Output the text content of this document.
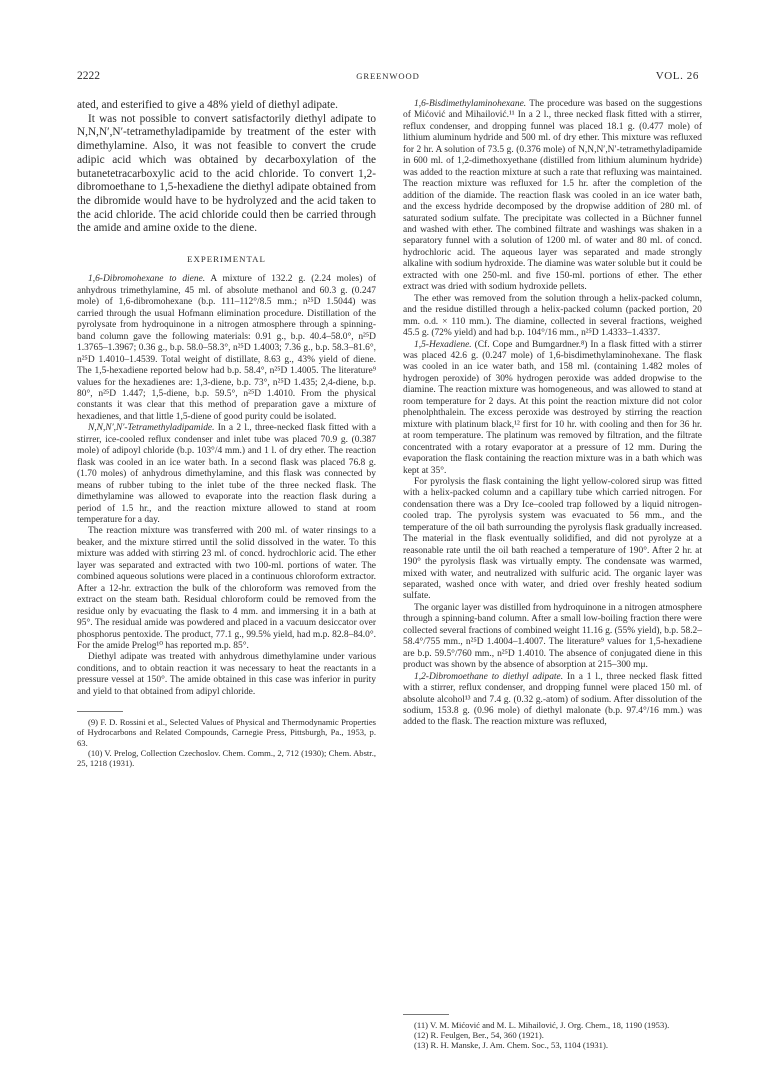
2222	GREENWOOD	VOL. 26

ated, and esterified to give a 48% yield of diethyl adipate.

It was not possible to convert satisfactorily diethyl adipate to N,N,N′,N′-tetramethyladipamide by treatment of the ester with dimethylamine. Also, it was not feasible to convert the crude adipic acid which was obtained by decarboxylation of the butanetetracarboxylic acid to the acid chloride. To convert 1,2-dibromoethane to 1,5-hexadiene the diethyl adipate obtained from the dibromide would have to be hydrolyzed and the acid taken to the acid chloride. The acid chloride could then be carried through the amide and amine oxide to the diene.

EXPERIMENTAL

1,6-Dibromohexane to diene. A mixture of 132.2 g. (2.24 moles) of anhydrous trimethylamine, 45 ml. of absolute methanol and 60.3 g. (0.247 mole) of 1,6-dibromohexane (b.p. 111–112°/8.5 mm.; n²⁵D 1.5044) was carried through the usual Hofmann elimination procedure. Distillation of the pyrolysate from hydroquinone in a nitrogen atmosphere through a spinning-band column gave the following materials: 0.91 g., b.p. 40.4–58.0°, n²⁵D 1.3765–1.3967; 0.36 g., b.p. 58.0–58.3°, n²⁵D 1.4003; 7.36 g., b.p. 58.3–81.6°, n²⁵D 1.4010–1.4539. Total weight of distillate, 8.63 g., 43% yield of diene. The 1,5-hexadiene reported below had b.p. 58.4°, n²⁵D 1.4005. The literature⁹ values for the hexadienes are: 1,3-diene, b.p. 73°, n²⁵D 1.435; 2,4-diene, b.p. 80°, n²⁵D 1.447; 1,5-diene, b.p. 59.5°, n²⁵D 1.4010. From the physical constants it was clear that this method of preparation gave a mixture of hexadienes, and that little 1,5-diene of good purity could be isolated.

N,N,N′,N′-Tetramethyladipamide. In a 2 l., three-necked flask fitted with a stirrer, ice-cooled reflux condenser and inlet tube was placed 70.9 g. (0.387 mole) of adipoyl chloride (b.p. 103°/4 mm.) and 1 l. of dry ether. The reaction flask was cooled in an ice water bath. In a second flask was placed 76.8 g. (1.70 moles) of anhydrous dimethylamine, and this flask was connected by means of rubber tubing to the inlet tube of the three necked flask. The dimethylamine was allowed to evaporate into the reaction flask during a period of 1.5 hr., and the reaction mixture allowed to stand at room temperature for a day.

The reaction mixture was transferred with 200 ml. of water rinsings to a beaker, and the mixture stirred until the solid dissolved in the water. To this mixture was added with stirring 23 ml. of concd. hydrochloric acid. The ether layer was separated and extracted with two 100-ml. portions of water. The combined aqueous solutions were placed in a continuous chloroform extractor. After a 12-hr. extraction the bulk of the chloroform was removed from the extract on the steam bath. Residual chloroform could be removed from the residue only by evacuating the flask to 4 mm. and immersing it in a bath at 95°. The residual amide was powdered and placed in a vacuum desiccator over phosphorus pentoxide. The product, 77.1 g., 99.5% yield, had m.p. 82.8–84.0°. For the amide Prelog¹⁰ has reported m.p. 85°.

Diethyl adipate was treated with anhydrous dimethylamine under various conditions, and to obtain reaction it was necessary to heat the reactants in a pressure vessel at 150°. The amide obtained in this case was inferior in purity and yield to that obtained from adipyl chloride.

(9) F. D. Rossini et al., Selected Values of Physical and Thermodynamic Properties of Hydrocarbons and Related Compounds, Carnegie Press, Pittsburgh, Pa., 1953, p. 63.

(10) V. Prelog, Collection Czechoslov. Chem. Comm., 2, 712 (1930); Chem. Abstr., 25, 1218 (1931).

1,6-Bisdimethylaminohexane. The procedure was based on the suggestions of Mićović and Mihailović.¹¹ In a 2 l., three necked flask fitted with a stirrer, reflux condenser, and dropping funnel was placed 18.1 g. (0.477 mole) of lithium aluminum hydride and 500 ml. of dry ether. This mixture was refluxed for 2 hr. A solution of 73.5 g. (0.376 mole) of N,N,N′,N′-tetramethyladipamide in 600 ml. of 1,2-dimethoxyethane (distilled from lithium aluminum hydride) was added to the reaction mixture at such a rate that refluxing was maintained. The reaction mixture was refluxed for 1.5 hr. after the completion of the addition of the diamide. The reaction flask was cooled in an ice water bath, and the excess hydride decomposed by the dropwise addition of 280 ml. of saturated sodium sulfate. The precipitate was collected in a Büchner funnel and washed with ether. The combined filtrate and washings was shaken in a separatory funnel with a solution of 1200 ml. of water and 80 ml. of concd. hydrochloric acid. The aqueous layer was separated and made strongly alkaline with sodium hydroxide. The diamine was water soluble but it could be extracted with one 250-ml. and five 150-ml. portions of ether. The ether extract was dried with sodium hydroxide pellets.

The ether was removed from the solution through a helix-packed column, and the residue distilled through a helix-packed column (packed portion, 20 mm. o.d. × 110 mm.). The diamine, collected in several fractions, weighed 45.5 g. (72% yield) and had b.p. 104°/16 mm., n²⁵D 1.4333–1.4337.

1,5-Hexadiene. (Cf. Cope and Bumgardner.⁸) In a flask fitted with a stirrer was placed 42.6 g. (0.247 mole) of 1,6-bisdimethylaminohexane. The flask was cooled in an ice water bath, and 158 ml. (containing 1.482 moles of hydrogen peroxide) of 30% hydrogen peroxide was added dropwise to the diamine. The reaction mixture was homogeneous, and was allowed to stand at room temperature for 2 days. At this point the reaction mixture did not color phenolphthalein. The excess peroxide was destroyed by stirring the reaction mixture with platinum black,¹² first for 10 hr. with cooling and then for 36 hr. at room temperature. The platinum was removed by filtration, and the filtrate concentrated with a rotary evaporator at a pressure of 12 mm. During the evaporation the flask containing the reaction mixture was in a bath which was kept at 35°.

For pyrolysis the flask containing the light yellow-colored sirup was fitted with a helix-packed column and a capillary tube which carried nitrogen. For condensation there was a Dry Ice–cooled trap followed by a liquid nitrogen-cooled trap. The pyrolysis system was evacuated to 56 mm., and the temperature of the oil bath surrounding the pyrolysis flask gradually increased. The material in the flask eventually solidified, and did not pyrolyze at a reasonable rate until the oil bath reached a temperature of 190°. After 2 hr. at 190° the pyrolysis flask was virtually empty. The condensate was warmed, mixed with water, and neutralized with sulfuric acid. The organic layer was separated, washed once with water, and dried over freshly heated sodium sulfate.

The organic layer was distilled from hydroquinone in a nitrogen atmosphere through a spinning-band column. After a small low-boiling fraction there were collected several fractions of combined weight 11.16 g. (55% yield), b.p. 58.2–58.4°/755 mm., n²⁵D 1.4004–1.4007. The literature⁹ values for 1,5-hexadiene are b.p. 59.5°/760 mm., n²⁵D 1.4010. The absence of conjugated diene in this product was shown by the absence of absorption at 215–300 mμ.

1,2-Dibromoethane to diethyl adipate. In a 1 l., three necked flask fitted with a stirrer, reflux condenser, and dropping funnel were placed 150 ml. of absolute alcohol¹³ and 7.4 g. (0.32 g.-atom) of sodium. After dissolution of the sodium, 153.8 g. (0.96 mole) of diethyl malonate (b.p. 97.4°/16 mm.) was added to the flask. The reaction mixture was refluxed,

(11) V. M. Mićović and M. L. Mihailović, J. Org. Chem., 18, 1190 (1953).

(12) R. Feulgen, Ber., 54, 360 (1921).

(13) R. H. Manske, J. Am. Chem. Soc., 53, 1104 (1931).
